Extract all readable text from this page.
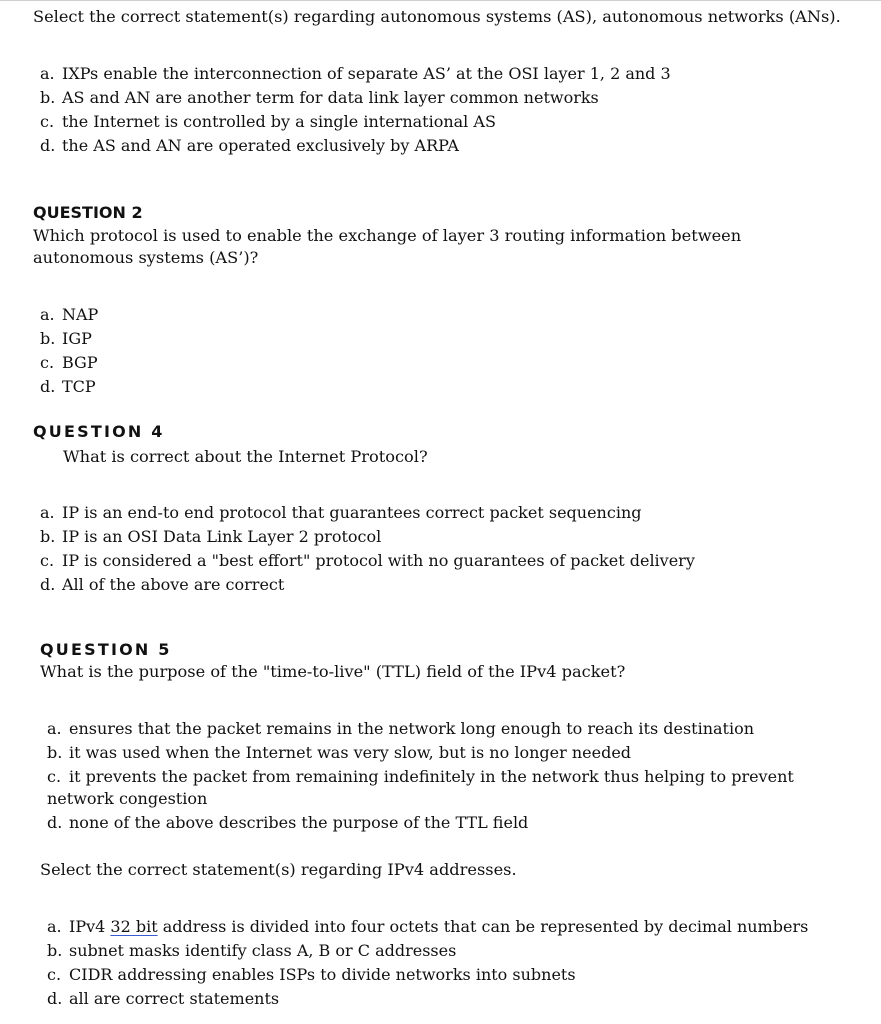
Select the correct statement(s) regarding autonomous systems (AS), autonomous networks (ANs).
a. IXPs enable the interconnection of separate AS’ at the OSI layer 1, 2 and 3
b. AS and AN are another term for data link layer common networks
c. the Internet is controlled by a single international AS
d. the AS and AN are operated exclusively by ARPA
QUESTION 2
Which protocol is used to enable the exchange of layer 3 routing information between autonomous systems (AS’)?
a. NAP
b. IGP
c. BGP
d. TCP
QUESTION 4
What is correct about the Internet Protocol?
a. IP is an end-to end protocol that guarantees correct packet sequencing
b. IP is an OSI Data Link Layer 2 protocol
c. IP is considered a "best effort" protocol with no guarantees of packet delivery
d. All of the above are correct
QUESTION 5
What is the purpose of the "time-to-live" (TTL) field of the IPv4 packet?
a. ensures that the packet remains in the network long enough to reach its destination
b. it was used when the Internet was very slow, but is no longer needed
c. it prevents the packet from remaining indefinitely in the network thus helping to prevent network congestion
d. none of the above describes the purpose of the TTL field
Select the correct statement(s) regarding IPv4 addresses.
a. IPv4 32 bit address is divided into four octets that can be represented by decimal numbers
b. subnet masks identify class A, B or C addresses
c. CIDR addressing enables ISPs to divide networks into subnets
d. all are correct statements
